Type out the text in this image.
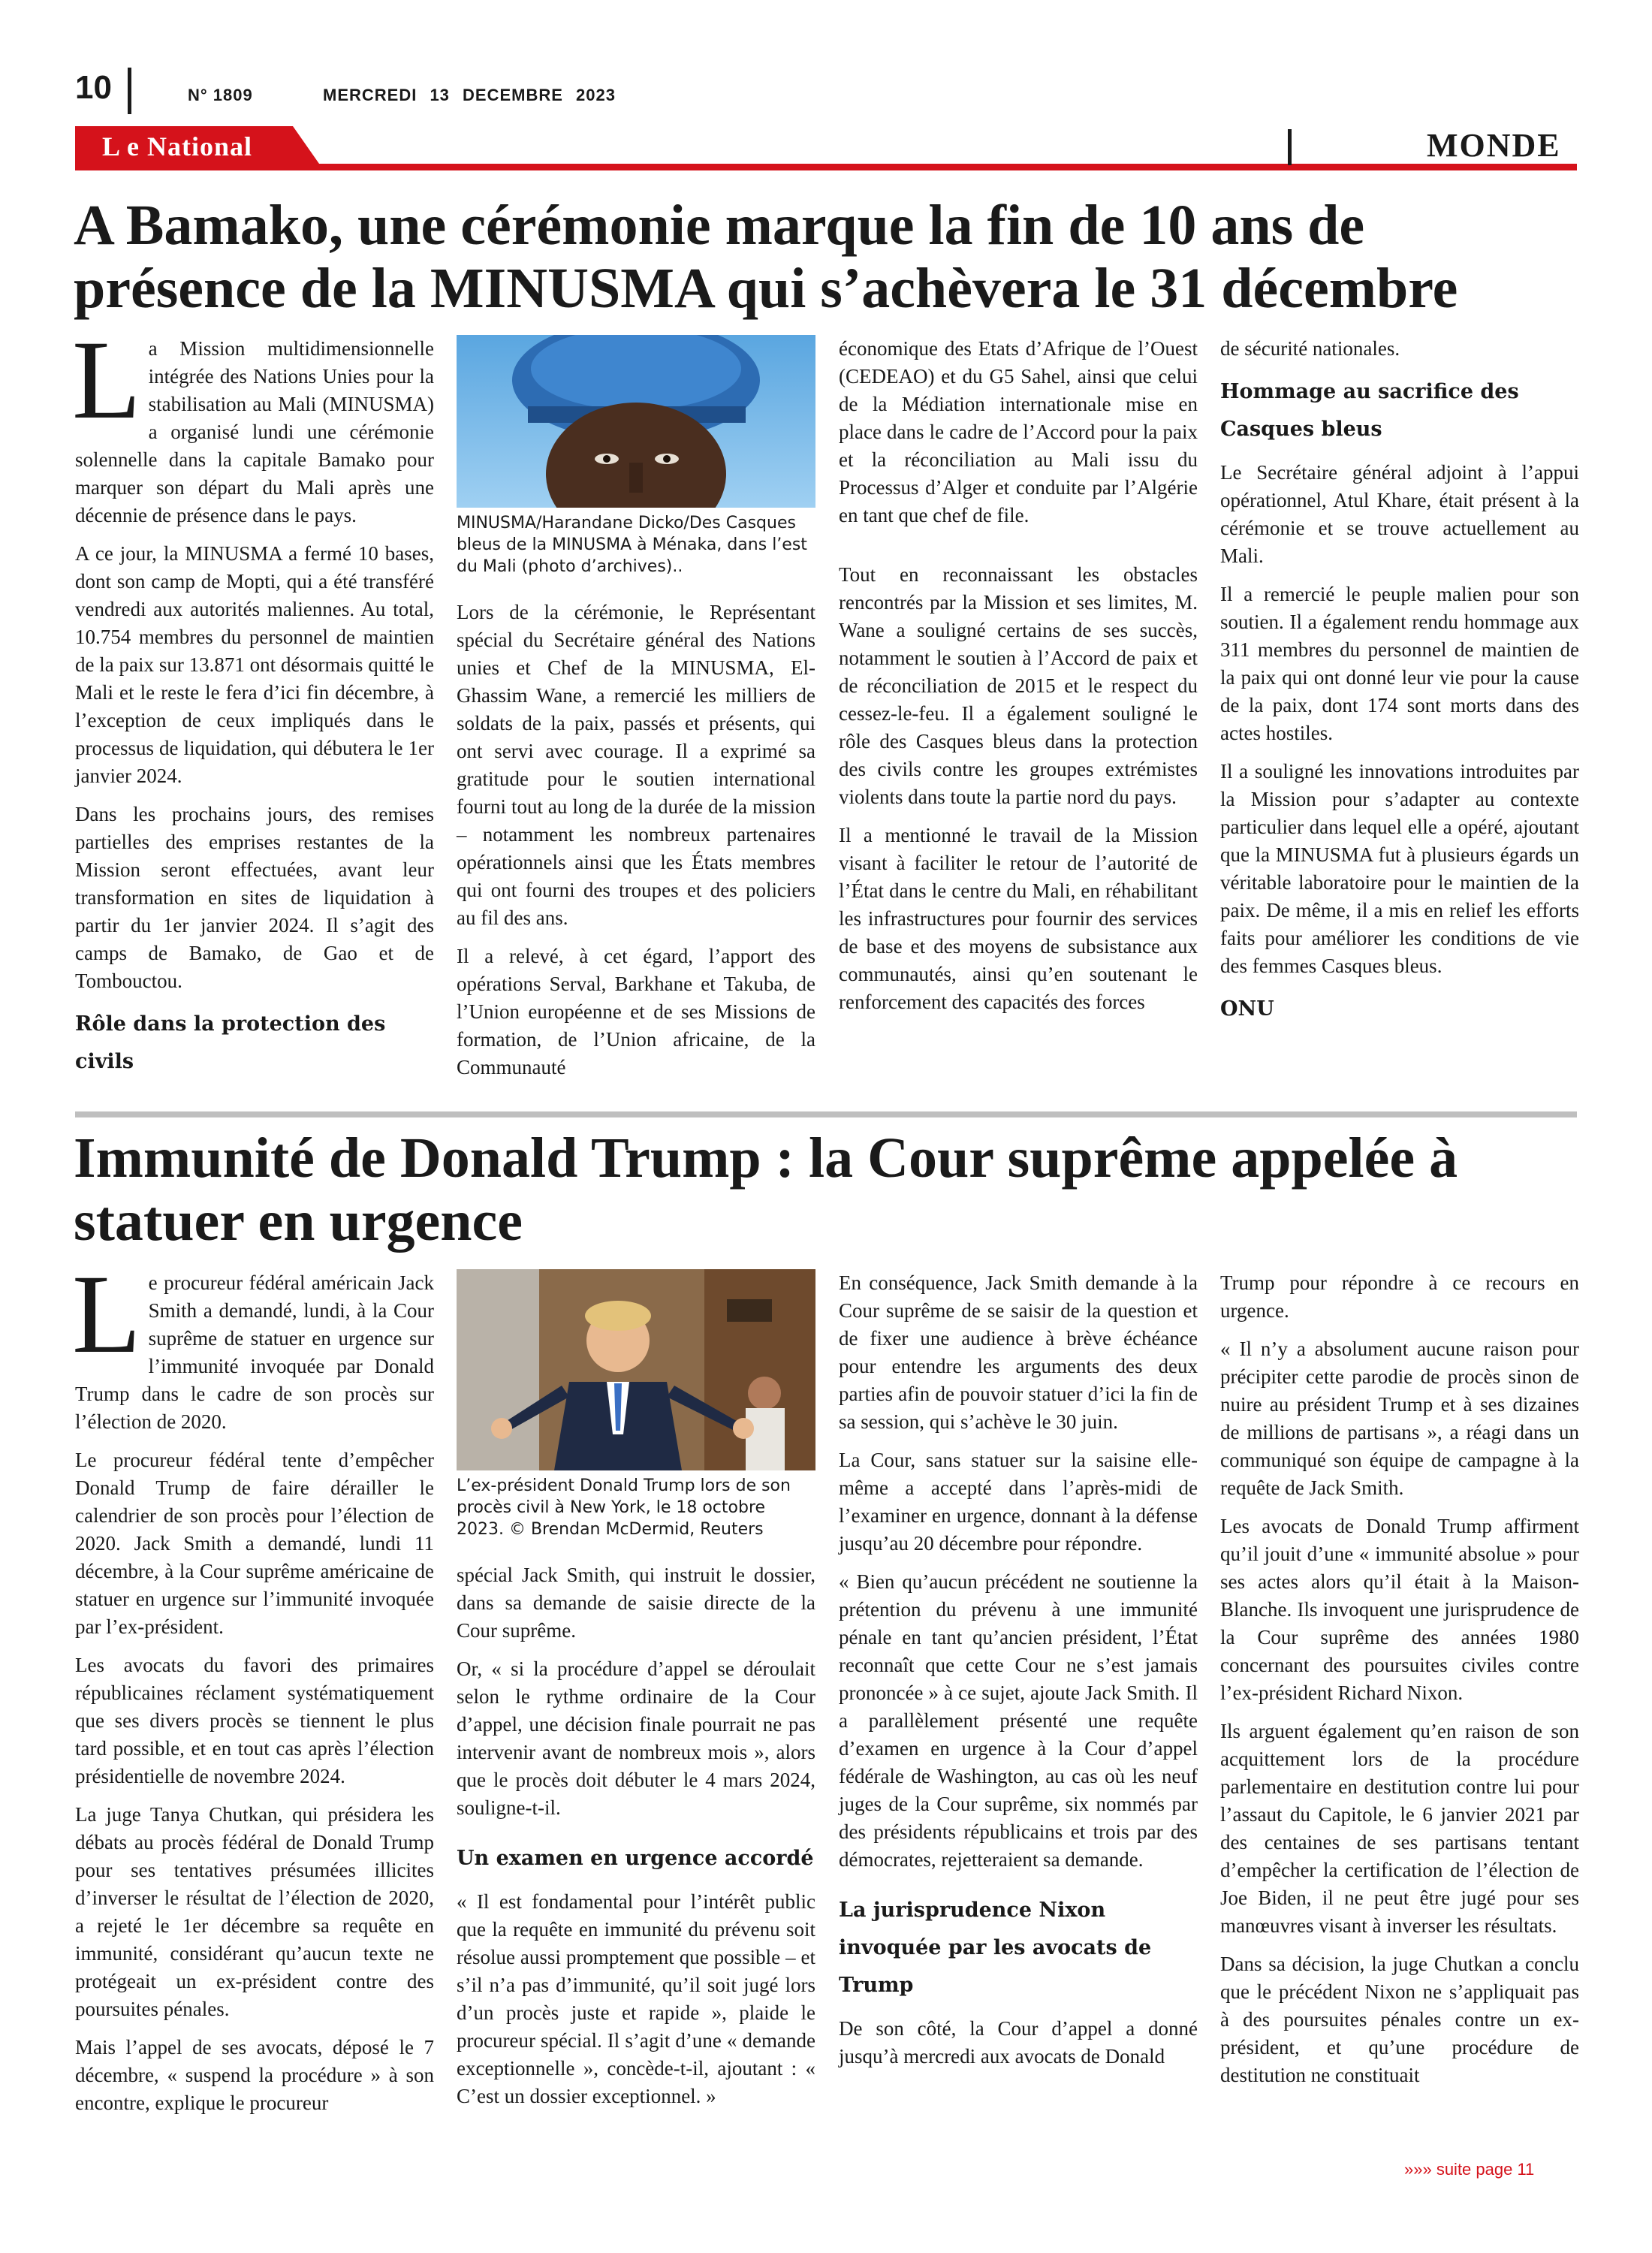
10	N° 1809	MERCREDI 13 DECEMBRE 2023
L e National	MONDE
A Bamako, une cérémonie marque la fin de 10 ans de présence de la MINUSMA qui s’achèvera le 31 décembre

La Mission multidimensionnelle intégrée des Nations Unies pour la stabilisation au Mali (MINUSMA) a organisé lundi une cérémonie solennelle dans la capitale Bamako pour marquer son départ du Mali après une décennie de présence dans le pays.

A ce jour, la MINUSMA a fermé 10 bases, dont son camp de Mopti, qui a été transféré vendredi aux autorités maliennes. Au total, 10.754 membres du personnel de maintien de la paix sur 13.871 ont désormais quitté le Mali et le reste le fera d’ici fin décembre, à l’exception de ceux impliqués dans le processus de liquidation, qui débutera le 1er janvier 2024.

Dans les prochains jours, des remises partielles des emprises restantes de la Mission seront effectuées, avant leur transformation en sites de liquidation à partir du 1er janvier 2024. Il s’agit des camps de Bamako, de Gao et de Tombouctou.

Rôle dans la protection des civils
MINUSMA/Harandane Dicko/Des Casques bleus de la MINUSMA à Ménaka, dans l’est du Mali (photo d’archives)..

Lors de la cérémonie, le Représentant spécial du Secrétaire général des Nations unies et Chef de la MINUSMA, El-Ghassim Wane, a remercié les milliers de soldats de la paix, passés et présents, qui ont servi avec courage. Il a exprimé sa gratitude pour le soutien international fourni tout au long de la durée de la mission – notamment les nombreux partenaires opérationnels ainsi que les États membres qui ont fourni des troupes et des policiers au fil des ans.

Il a relevé, à cet égard, l’apport des opérations Serval, Barkhane et Takuba, de l’Union européenne et de ses Missions de formation, de l’Union africaine, de la Communauté

économique des Etats d’Afrique de l’Ouest (CEDEAO) et du G5 Sahel, ainsi que celui de la Médiation internationale mise en place dans le cadre de l’Accord pour la paix et la réconciliation au Mali issu du Processus d’Alger et conduite par l’Algérie en tant que chef de file.

Tout en reconnaissant les obstacles rencontrés par la Mission et ses limites, M. Wane a souligné certains de ses succès, notamment le soutien à l’Accord de paix et de réconciliation de 2015 et le respect du cessez-le-feu. Il a également souligné le rôle des Casques bleus dans la protection des civils contre les groupes extrémistes violents dans toute la partie nord du pays.

Il a mentionné le travail de la Mission visant à faciliter le retour de l’autorité de l’État dans le centre du Mali, en réhabilitant les infrastructures pour fournir des services de base et des moyens de subsistance aux communautés, ainsi qu’en soutenant le renforcement des capacités des forces

de sécurité nationales.

Hommage au sacrifice des Casques bleus

Le Secrétaire général adjoint à l’appui opérationnel, Atul Khare, était présent à la cérémonie et se trouve actuellement au Mali.

Il a remercié le peuple malien pour son soutien. Il a également rendu hommage aux 311 membres du personnel de maintien de la paix qui ont donné leur vie pour la cause de la paix, dont 174 sont morts dans des actes hostiles.

Il a souligné les innovations introduites par la Mission pour s’adapter au contexte particulier dans lequel elle a opéré, ajoutant que la MINUSMA fut à plusieurs égards un véritable laboratoire pour le maintien de la paix. De même, il a mis en relief les efforts faits pour améliorer les conditions de vie des femmes Casques bleus.

ONU
Immunité de Donald Trump : la Cour suprême appelée à statuer en urgence

Le procureur fédéral américain Jack Smith a demandé, lundi, à la Cour suprême de statuer en urgence sur l’immunité invoquée par Donald Trump dans le cadre de son procès sur l’élection de 2020.

Le procureur fédéral tente d’empêcher Donald Trump de faire dérailler le calendrier de son procès pour l’élection de 2020. Jack Smith a demandé, lundi 11 décembre, à la Cour suprême américaine de statuer en urgence sur l’immunité invoquée par l’ex-président.

Les avocats du favori des primaires républicaines réclament systématiquement que ses divers procès se tiennent le plus tard possible, et en tout cas après l’élection présidentielle de novembre 2024.

La juge Tanya Chutkan, qui présidera les débats au procès fédéral de Donald Trump pour ses tentatives présumées illicites d’inverser le résultat de l’élection de 2020, a rejeté le 1er décembre sa requête en immunité, considérant qu’aucun texte ne protégeait un ex-président contre des poursuites pénales.

Mais l’appel de ses avocats, déposé le 7 décembre, « suspend la procédure » à son encontre, explique le procureur

L’ex-président Donald Trump lors de son procès civil à New York, le 18 octobre 2023. © Brendan McDermid, Reuters

spécial Jack Smith, qui instruit le dossier, dans sa demande de saisie directe de la Cour suprême.

Or, « si la procédure d’appel se déroulait selon le rythme ordinaire de la Cour d’appel, une décision finale pourrait ne pas intervenir avant de nombreux mois », alors que le procès doit débuter le 4 mars 2024, souligne-t-il.

Un examen en urgence accordé

« Il est fondamental pour l’intérêt public que la requête en immunité du prévenu soit résolue aussi promptement que possible – et s’il n’a pas d’immunité, qu’il soit jugé lors d’un procès juste et rapide », plaide le procureur spécial. Il s’agit d’une « demande exceptionnelle », concède-t-il, ajoutant : « C’est un dossier exceptionnel. »

En conséquence, Jack Smith demande à la Cour suprême de se saisir de la question et de fixer une audience à brève échéance pour entendre les arguments des deux parties afin de pouvoir statuer d’ici la fin de sa session, qui s’achève le 30 juin.

La Cour, sans statuer sur la saisine elle-même a accepté dans l’après-midi de l’examiner en urgence, donnant à la défense jusqu’au 20 décembre pour répondre.

« Bien qu’aucun précédent ne soutienne la prétention du prévenu à une immunité pénale en tant qu’ancien président, l’État reconnaît que cette Cour ne s’est jamais prononcée » à ce sujet, ajoute Jack Smith. Il a parallèlement présenté une requête d’examen en urgence à la Cour d’appel fédérale de Washington, au cas où les neuf juges de la Cour suprême, six nommés par des présidents républicains et trois par des démocrates, rejetteraient sa demande.

La jurisprudence Nixon invoquée par les avocats de Trump

De son côté, la Cour d’appel a donné jusqu’à mercredi aux avocats de Donald

Trump pour répondre à ce recours en urgence.

« Il n’y a absolument aucune raison pour précipiter cette parodie de procès sinon de nuire au président Trump et à ses dizaines de millions de partisans », a réagi dans un communiqué son équipe de campagne à la requête de Jack Smith.

Les avocats de Donald Trump affirment qu’il jouit d’une « immunité absolue » pour ses actes alors qu’il était à la Maison-Blanche. Ils invoquent une jurisprudence de la Cour suprême des années 1980 concernant des poursuites civiles contre l’ex-président Richard Nixon.

Ils arguent également qu’en raison de son acquittement lors de la procédure parlementaire en destitution contre lui pour l’assaut du Capitole, le 6 janvier 2021 par des centaines de ses partisans tentant d’empêcher la certification de l’élection de Joe Biden, il ne peut être jugé pour ses manœuvres visant à inverser les résultats.

Dans sa décision, la juge Chutkan a conclu que le précédent Nixon ne s’appliquait pas à des poursuites pénales contre un ex-président, et qu’une procédure de destitution ne constituait

»»» suite page 11
